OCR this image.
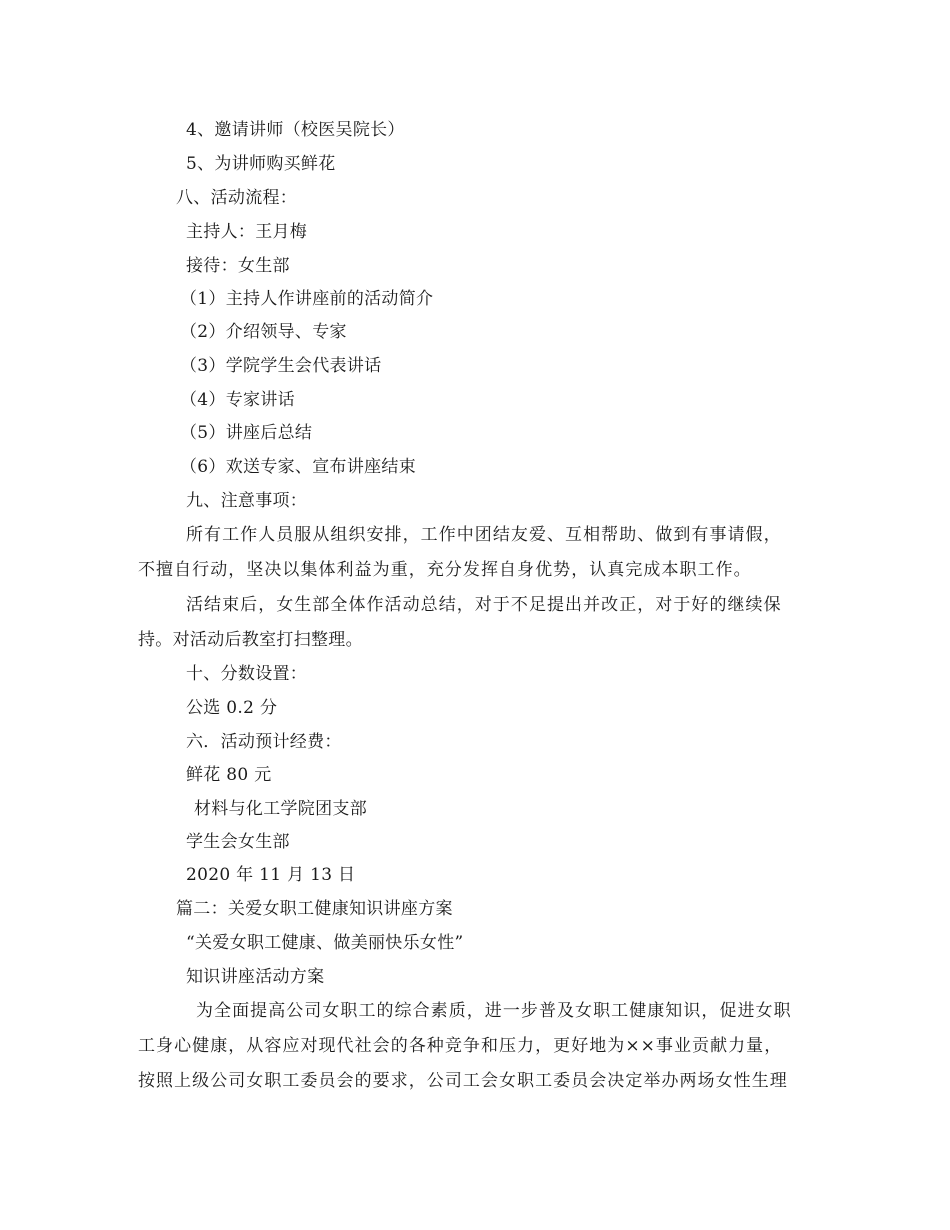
4、邀请讲师（校医吴院长）
5、为讲师购买鲜花
八、活动流程：
主持人：王月梅
接待：女生部
（1）主持人作讲座前的活动简介
（2）介绍领导、专家
（3）学院学生会代表讲话
（4）专家讲话
（5）讲座后总结
（6）欢送专家、宣布讲座结束
九、注意事项：
所有工作人员服从组织安排，工作中团结友爱、互相帮助、做到有事请假，
不擅自行动，坚决以集体利益为重，充分发挥自身优势，认真完成本职工作。
活结束后，女生部全体作活动总结，对于不足提出并改正，对于好的继续保
持。对活动后教室打扫整理。
十、分数设置：
公选 0.2 分
六．活动预计经费：
鲜花 80 元
材料与化工学院团支部
学生会女生部
2020 年 11 月 13 日
篇二：关爱女职工健康知识讲座方案
“关爱女职工健康、做美丽快乐女性”
知识讲座活动方案
为全面提高公司女职工的综合素质，进一步普及女职工健康知识，促进女职
工身心健康，从容应对现代社会的各种竞争和压力，更好地为××事业贡献力量，
按照上级公司女职工委员会的要求，公司工会女职工委员会决定举办两场女性生理
